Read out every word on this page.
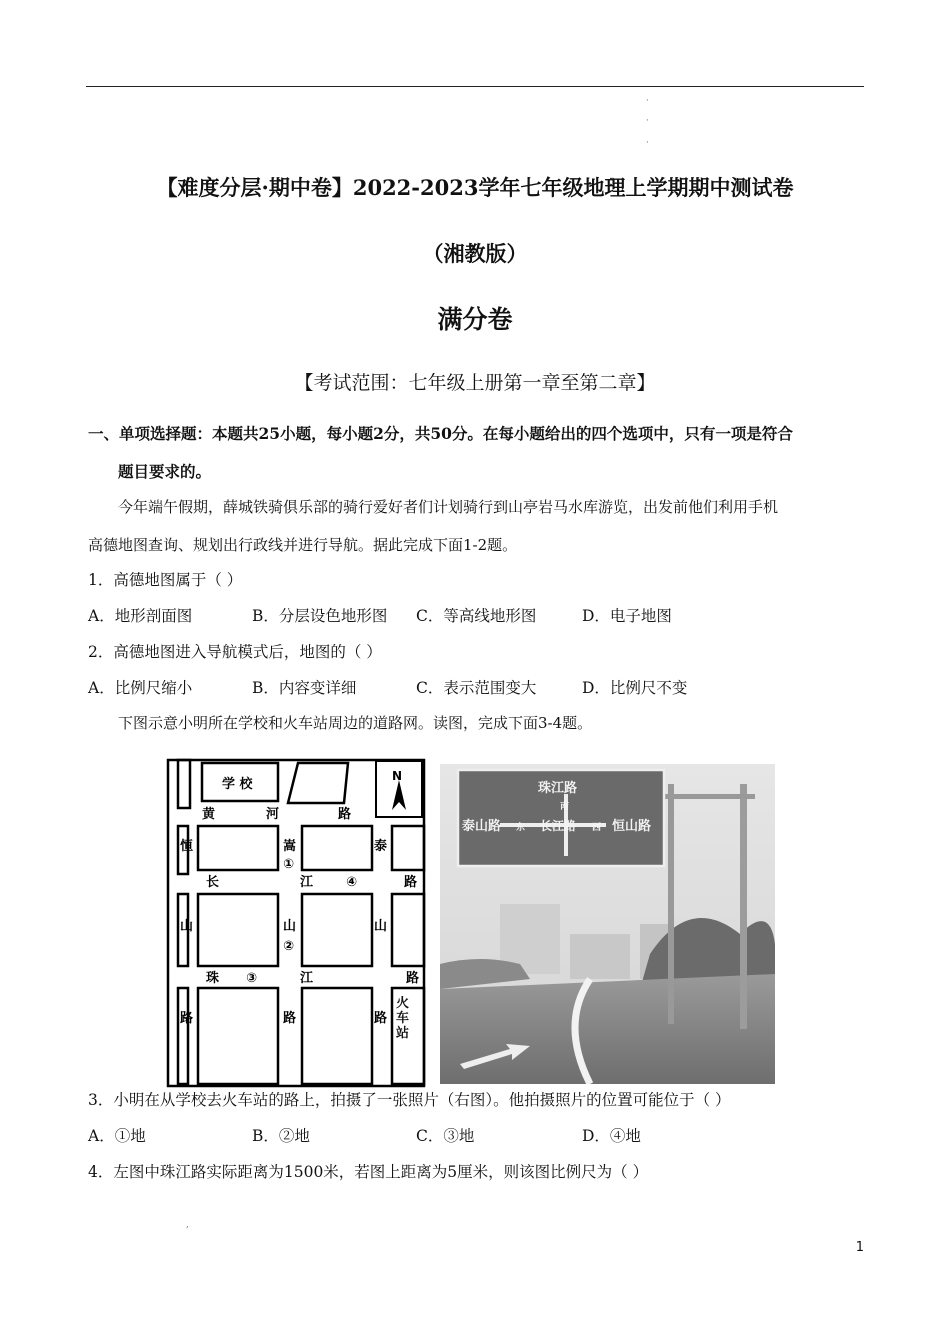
·
·
·
【难度分层·期中卷】2022-2023学年七年级地理上学期期中测试卷
（湘教版）
满分卷
【考试范围：七年级上册第一章至第二章】
一、单项选择题：本题共25小题，每小题2分，共50分。在每小题给出的四个选项中，只有一项是符合
题目要求的。
今年端午假期，薛城铁骑俱乐部的骑行爱好者们计划骑行到山亭岩马水库游览，出发前他们利用手机
高德地图查询、规划出行政线并进行导航。据此完成下面1-2题。
1．高德地图属于（ ）
A．地形剖面图	B．分层设色地形图 C．等高线地形图	D．电子地图
2．高德地图进入导航模式后，地图的（ ）
A．比例尺缩小	B．内容变详细	C．表示范围变大	D．比例尺不变
下图示意小明所在学校和火车站周边的道路网。读图，完成下面3-4题。
学 校
N
黄	河	路
长	江	④	路
珠 ③	江	路
恒
山
路
嵩
①
山
②
路
泰
山
路
火车站
珠江路
南
泰山路 东 长江路 西 恒山路
3．小明在从学校去火车站的路上，拍摄了一张照片（右图）。他拍摄照片的位置可能位于（ ）
A．①地	B．②地	C．③地	D．④地
4．左图中珠江路实际距离为1500米，若图上距离为5厘米，则该图比例尺为（ ）
,
1
